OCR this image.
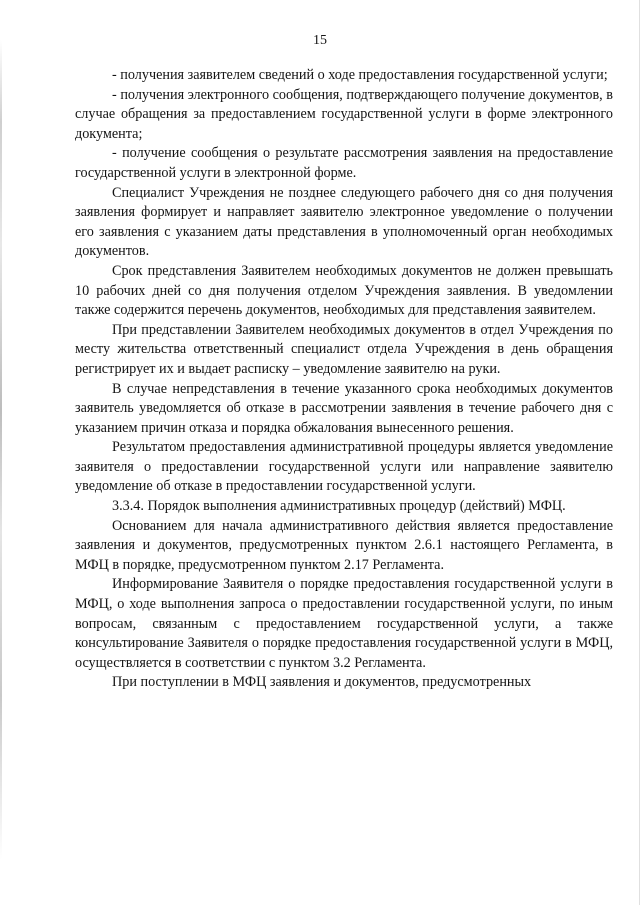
15

- получения заявителем сведений о ходе предоставления государственной услуги;

- получения электронного сообщения, подтверждающего получение документов, в случае обращения за предоставлением государственной услуги в форме электронного документа;

- получение сообщения о результате рассмотрения заявления на предоставление государственной услуги в электронной форме.

Специалист Учреждения не позднее следующего рабочего дня со дня получения заявления формирует и направляет заявителю электронное уведомление о получении его заявления с указанием даты представления в уполномоченный орган необходимых документов.

Срок представления Заявителем необходимых документов не должен превышать 10 рабочих дней со дня получения отделом Учреждения заявления. В уведомлении также содержится перечень документов, необходимых для представления заявителем.

При представлении Заявителем необходимых документов в отдел Учреждения по месту жительства ответственный специалист отдела Учреждения в день обращения регистрирует их и выдает расписку – уведомление заявителю на руки.

В случае непредставления в течение указанного срока необходимых документов заявитель уведомляется об отказе в рассмотрении заявления в течение рабочего дня с указанием причин отказа и порядка обжалования вынесенного решения.

Результатом предоставления административной процедуры является уведомление заявителя о предоставлении государственной услуги или направление заявителю уведомление об отказе в предоставлении государственной услуги.

3.3.4. Порядок выполнения административных процедур (действий) МФЦ.

Основанием для начала административного действия является предоставление заявления и документов, предусмотренных пунктом 2.6.1 настоящего Регламента, в МФЦ в порядке, предусмотренном пунктом 2.17 Регламента.

Информирование Заявителя о порядке предоставления государственной услуги в МФЦ, о ходе выполнения запроса о предоставлении государственной услуги, по иным вопросам, связанным с предоставлением государственной услуги, а также консультирование Заявителя о порядке предоставления государственной услуги в МФЦ, осуществляется в соответствии с пунктом 3.2 Регламента.

При поступлении в МФЦ заявления и документов, предусмотренных
